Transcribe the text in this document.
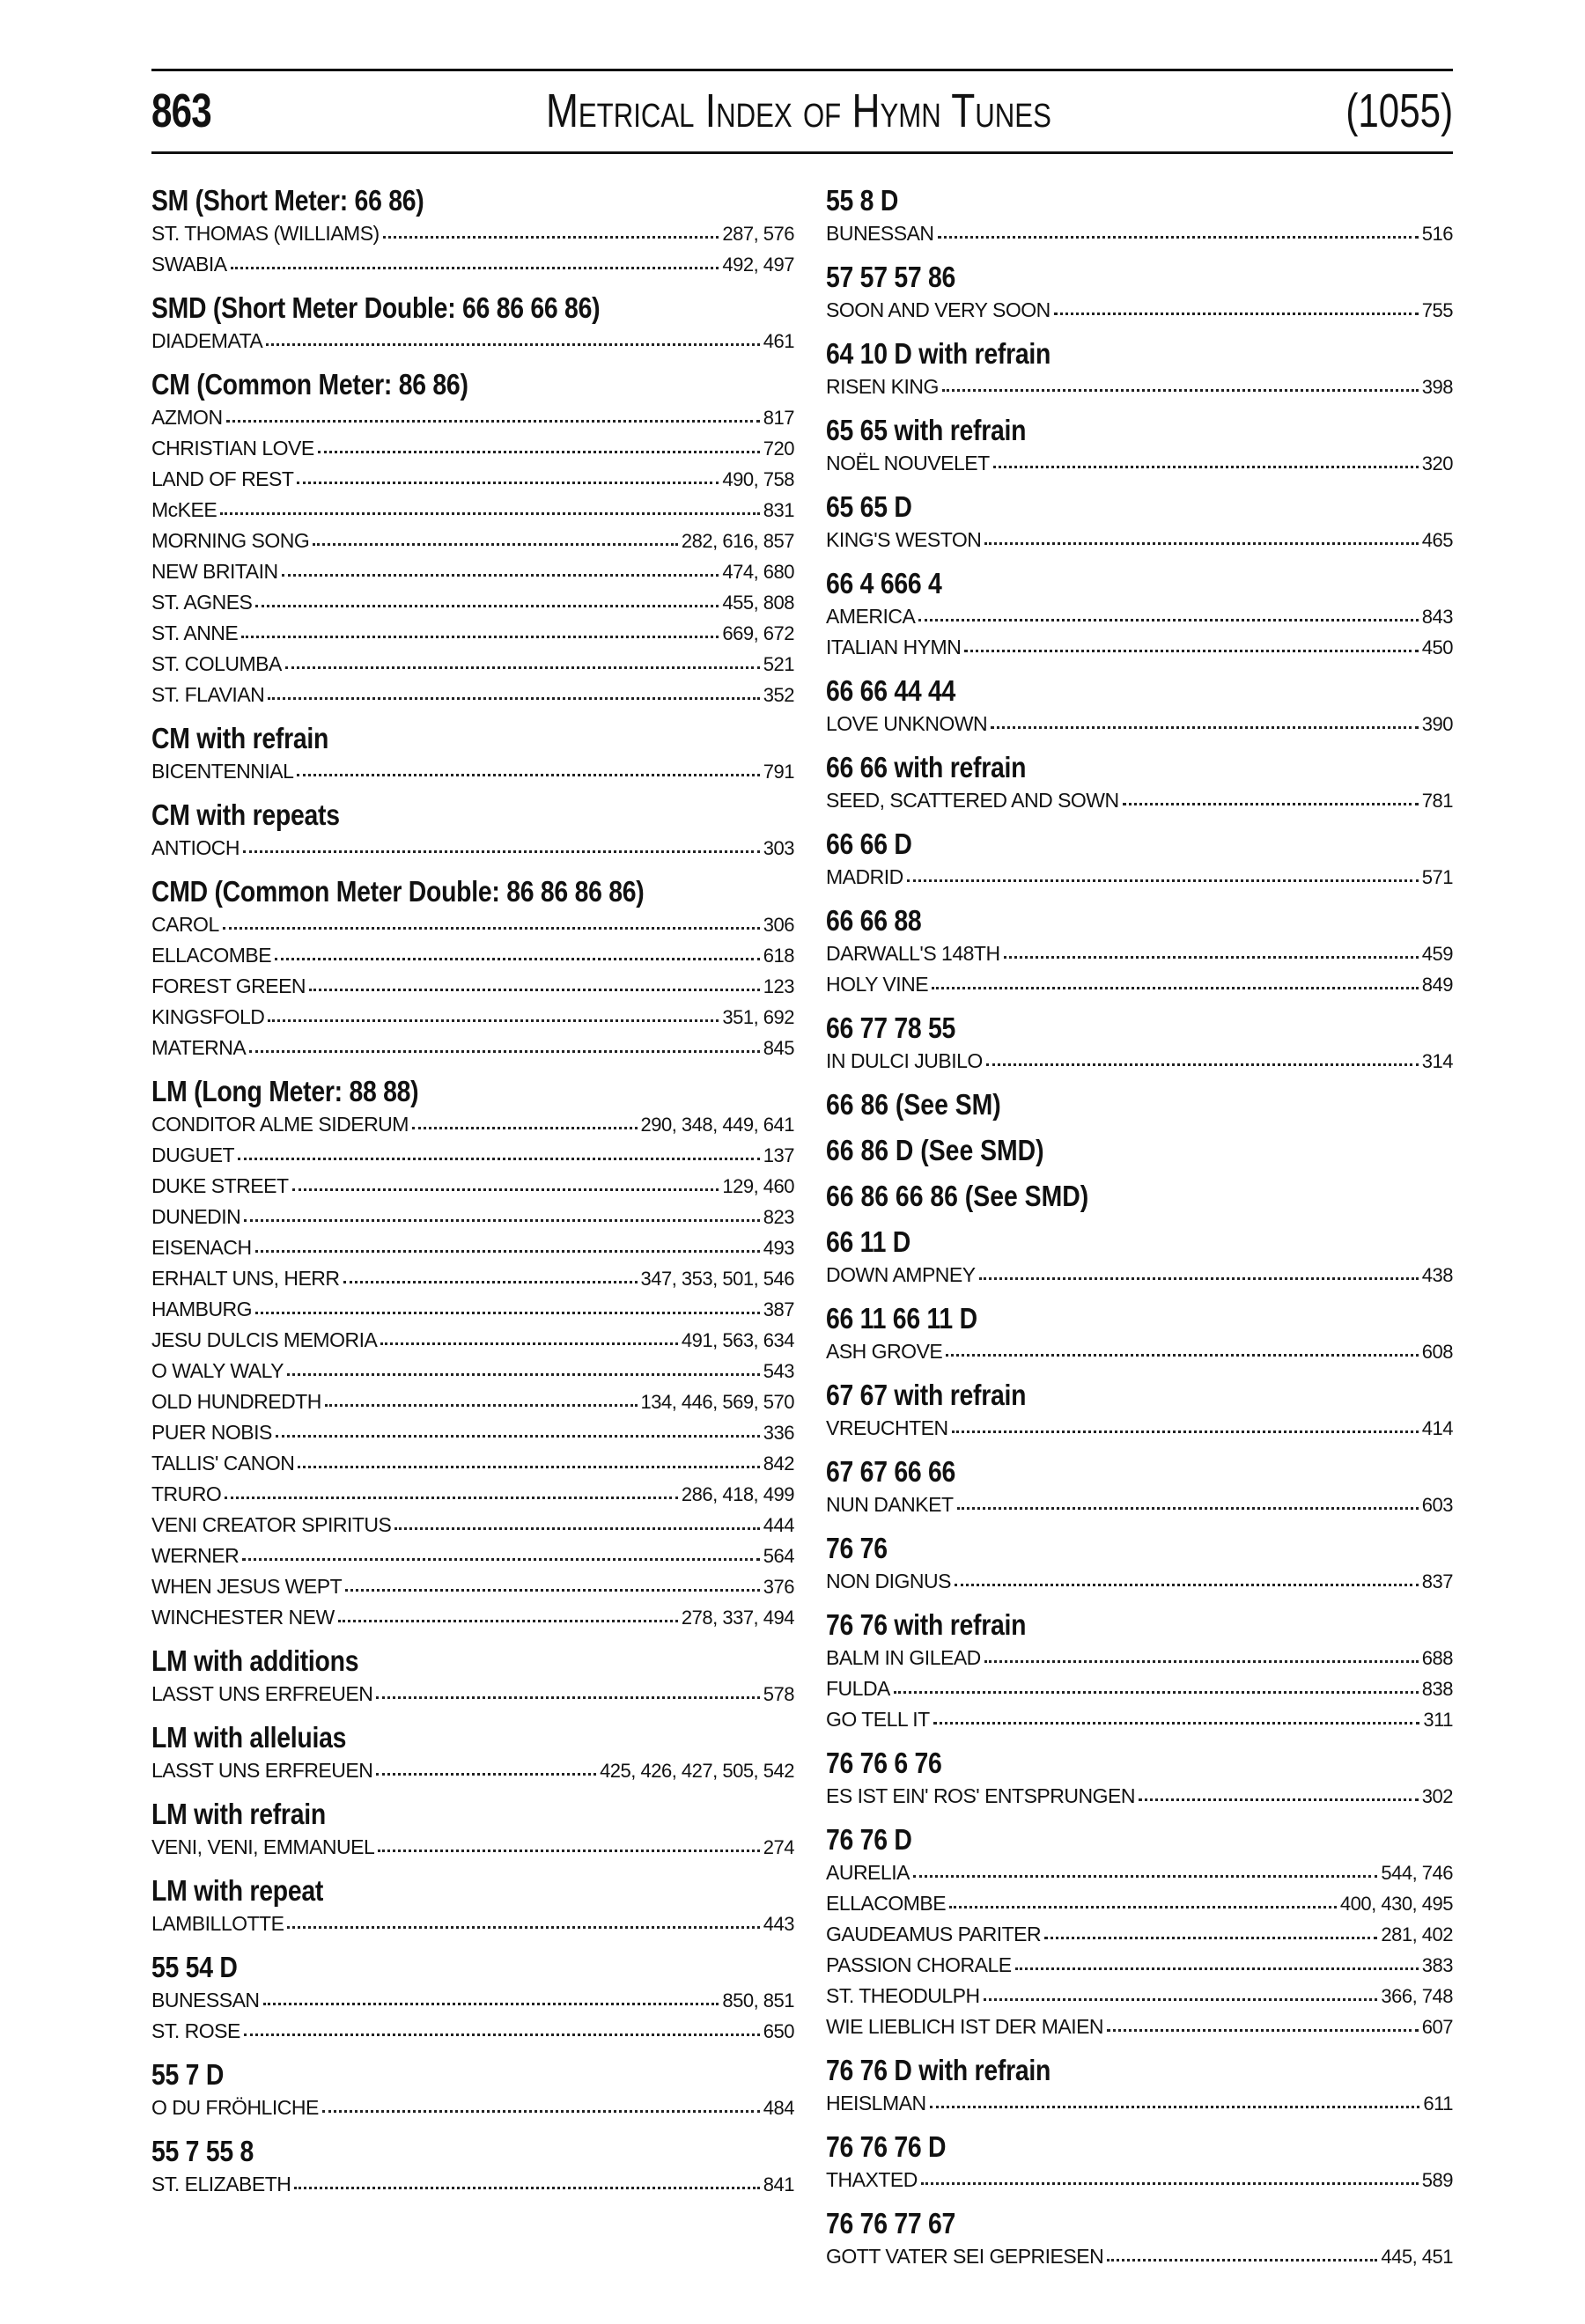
863	Metrical Index of Hymn Tunes	(1055)
SM (Short Meter: 66 86)
ST. THOMAS (WILLIAMS)	287, 576
SWABIA	492, 497
SMD (Short Meter Double: 66 86 66 86)
DIADEMATA	461
CM (Common Meter: 86 86)
AZMON	817
CHRISTIAN LOVE	720
LAND OF REST	490, 758
McKEE	831
MORNING SONG	282, 616, 857
NEW BRITAIN	474, 680
ST. AGNES	455, 808
ST. ANNE	669, 672
ST. COLUMBA	521
ST. FLAVIAN	352
CM with refrain
BICENTENNIAL	791
CM with repeats
ANTIOCH	303
CMD (Common Meter Double: 86 86 86 86)
CAROL	306
ELLACOMBE	618
FOREST GREEN	123
KINGSFOLD	351, 692
MATERNA	845
LM (Long Meter: 88 88)
CONDITOR ALME SIDERUM	290, 348, 449, 641
DUGUET	137
DUKE STREET	129, 460
DUNEDIN	823
EISENACH	493
ERHALT UNS, HERR	347, 353, 501, 546
HAMBURG	387
JESU DULCIS MEMORIA	491, 563, 634
O WALY WALY	543
OLD HUNDREDTH	134, 446, 569, 570
PUER NOBIS	336
TALLIS' CANON	842
TRURO	286, 418, 499
VENI CREATOR SPIRITUS	444
WERNER	564
WHEN JESUS WEPT	376
WINCHESTER NEW	278, 337, 494
LM with additions
LASST UNS ERFREUEN	578
LM with alleluias
LASST UNS ERFREUEN	425, 426, 427, 505, 542
LM with refrain
VENI, VENI, EMMANUEL	274
LM with repeat
LAMBILLOTTE	443
55 54 D
BUNESSAN	850, 851
ST. ROSE	650
55 7 D
O DU FRÖHLICHE	484
55 7 55 8
ST. ELIZABETH	841
55 8 D
BUNESSAN	516
57 57 57 86
SOON AND VERY SOON	755
64 10 D with refrain
RISEN KING	398
65 65 with refrain
NOËL NOUVELET	320
65 65 D
KING'S WESTON	465
66 4 666 4
AMERICA	843
ITALIAN HYMN	450
66 66 44 44
LOVE UNKNOWN	390
66 66 with refrain
SEED, SCATTERED AND SOWN	781
66 66 D
MADRID	571
66 66 88
DARWALL'S 148TH	459
HOLY VINE	849
66 77 78 55
IN DULCI JUBILO	314
66 86 (See SM)
66 86 D (See SMD)
66 86 66 86 (See SMD)
66 11 D
DOWN AMPNEY	438
66 11 66 11 D
ASH GROVE	608
67 67 with refrain
VREUCHTEN	414
67 67 66 66
NUN DANKET	603
76 76
NON DIGNUS	837
76 76 with refrain
BALM IN GILEAD	688
FULDA	838
GO TELL IT	311
76 76 6 76
ES IST EIN' ROS' ENTSPRUNGEN	302
76 76 D
AURELIA	544, 746
ELLACOMBE	400, 430, 495
GAUDEAMUS PARITER	281, 402
PASSION CHORALE	383
ST. THEODULPH	366, 748
WIE LIEBLICH IST DER MAIEN	607
76 76 D with refrain
HEISLMAN	611
76 76 76 D
THAXTED	589
76 76 77 67
GOTT VATER SEI GEPRIESEN	445, 451
